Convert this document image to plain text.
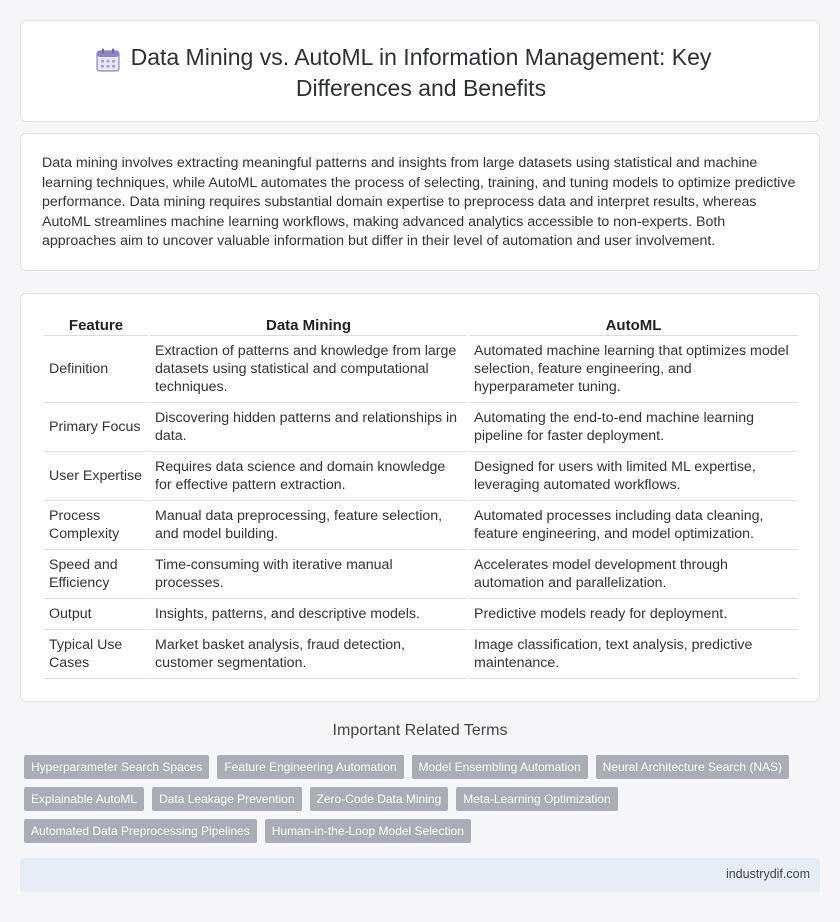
Data Mining vs. AutoML in Information Management: Key
Differences and Benefits

Data mining involves extracting meaningful patterns and insights from large datasets using statistical and machine learning techniques, while AutoML automates the process of selecting, training, and tuning models to optimize predictive performance. Data mining requires substantial domain expertise to preprocess data and interpret results, whereas AutoML streamlines machine learning workflows, making advanced analytics accessible to non-experts. Both approaches aim to uncover valuable information but differ in their level of automation and user involvement.

Feature	Data Mining	AutoML
Definition	Extraction of patterns and knowledge from large datasets using statistical and computational techniques.	Automated machine learning that optimizes model selection, feature engineering, and hyperparameter tuning.
Primary Focus	Discovering hidden patterns and relationships in data.	Automating the end-to-end machine learning pipeline for faster deployment.
User Expertise	Requires data science and domain knowledge for effective pattern extraction.	Designed for users with limited ML expertise, leveraging automated workflows.
Process Complexity	Manual data preprocessing, feature selection, and model building.	Automated processes including data cleaning, feature engineering, and model optimization.
Speed and Efficiency	Time-consuming with iterative manual processes.	Accelerates model development through automation and parallelization.
Output	Insights, patterns, and descriptive models.	Predictive models ready for deployment.
Typical Use Cases	Market basket analysis, fraud detection, customer segmentation.	Image classification, text analysis, predictive maintenance.
Important Related Terms
Hyperparameter Search Spaces	Feature Engineering Automation	Model Ensembling Automation	Neural Architecture Search (NAS)
Explainable AutoML	Data Leakage Prevention	Zero-Code Data Mining	Meta-Learning Optimization
Automated Data Preprocessing Pipelines	Human-in-the-Loop Model Selection
industrydif.com
